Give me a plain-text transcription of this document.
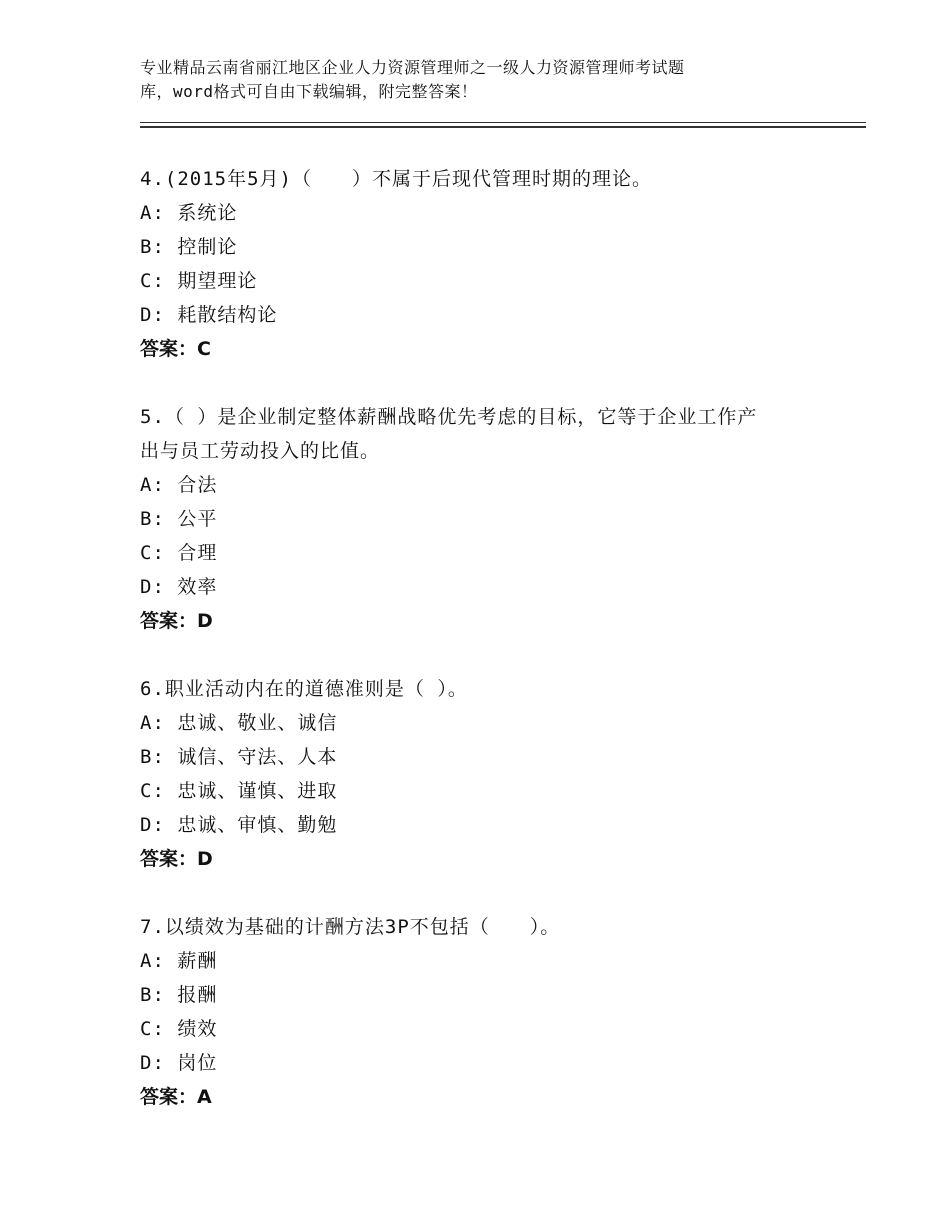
专业精品云南省丽江地区企业人力资源管理师之一级人力资源管理师考试题
库，word格式可自由下载编辑，附完整答案！
4.(2015年5月)（　　）不属于后现代管理时期的理论。
A: 系统论
B: 控制论
C: 期望理论
D: 耗散结构论
答案：C
5.（ ）是企业制定整体薪酬战略优先考虑的目标，它等于企业工作产
出与员工劳动投入的比值。
A: 合法
B: 公平
C: 合理
D: 效率
答案：D
6.职业活动内在的道德准则是（ ）。
A: 忠诚、敬业、诚信
B: 诚信、守法、人本
C: 忠诚、谨慎、进取
D: 忠诚、审慎、勤勉
答案：D
7.以绩效为基础的计酬方法3P不包括（　　）。
A: 薪酬
B: 报酬
C: 绩效
D: 岗位
答案：A
